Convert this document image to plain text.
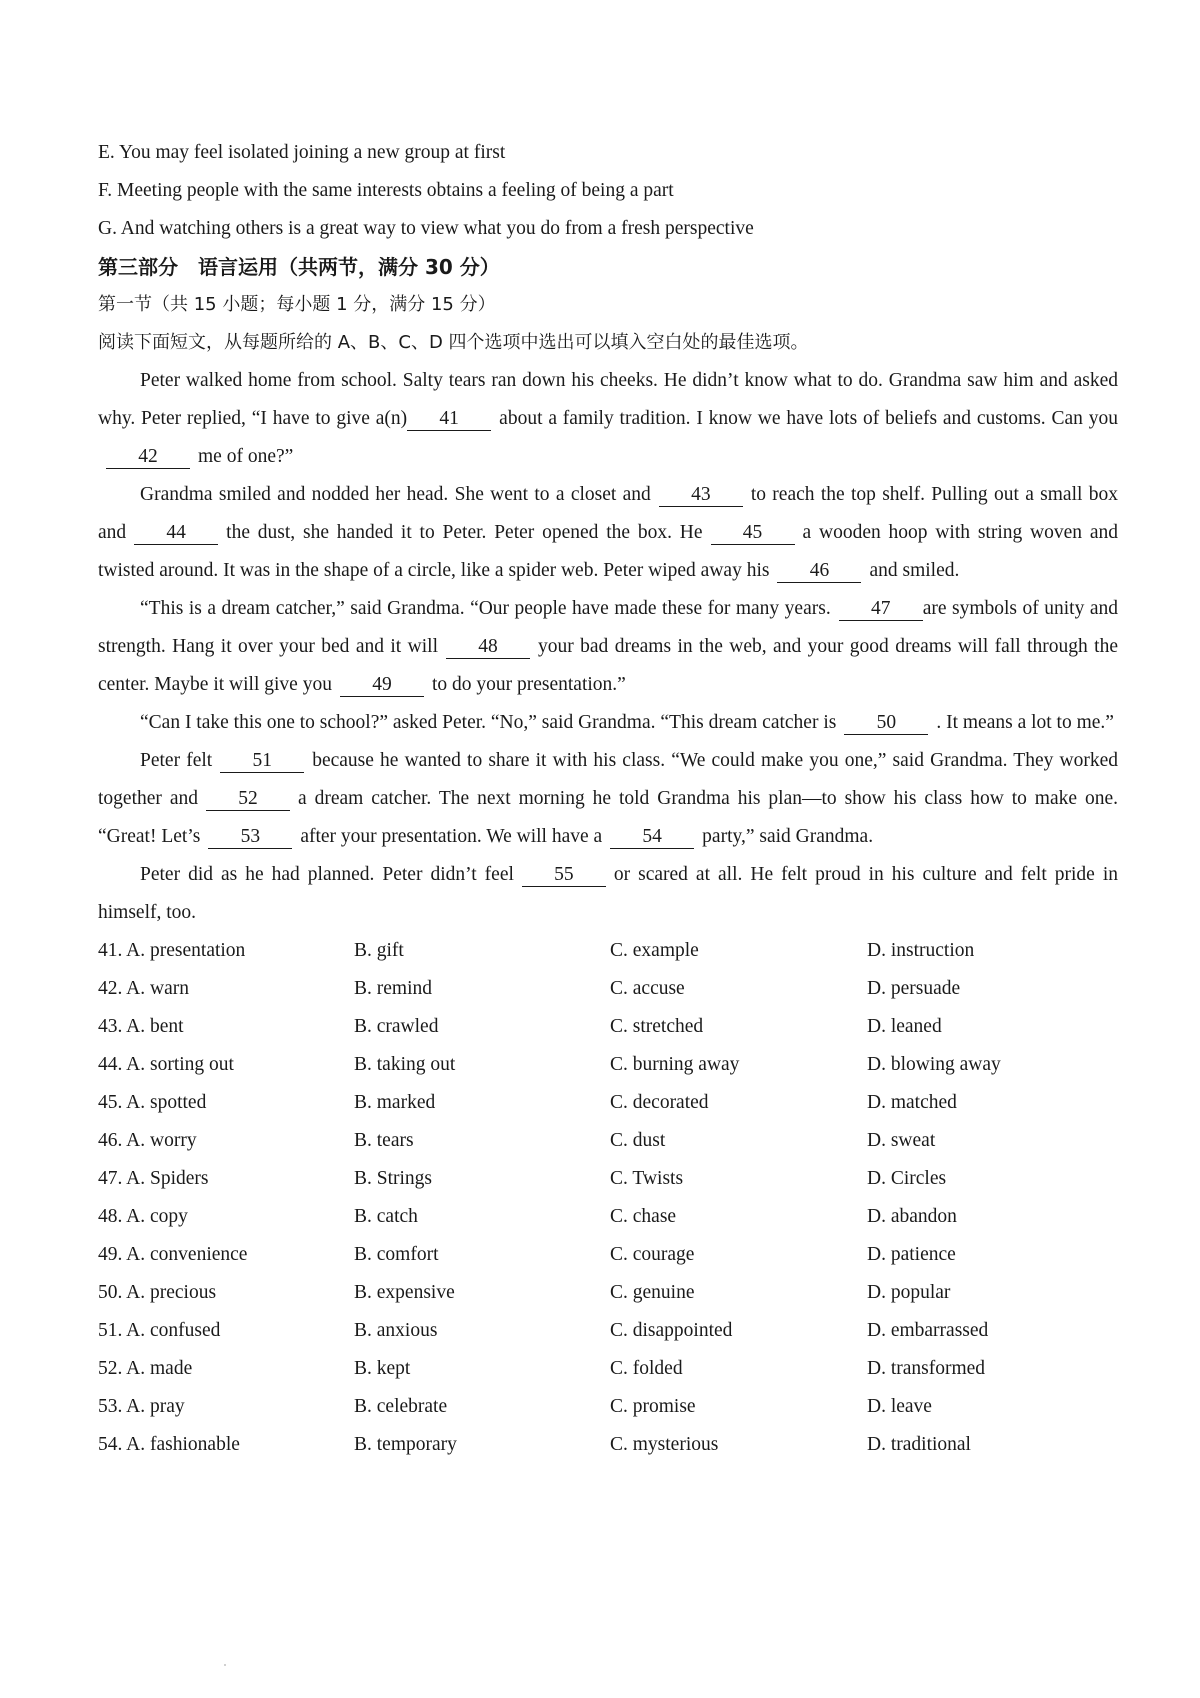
E. You may feel isolated joining a new group at first
F. Meeting people with the same interests obtains a feeling of being a part
G. And watching others is a great way to view what you do from a fresh perspective
第三部分　语言运用（共两节，满分 30 分）
第一节（共 15 小题；每小题 1 分，满分 15 分）
阅读下面短文，从每题所给的 A、B、C、D 四个选项中选出可以填入空白处的最佳选项。

Peter walked home from school. Salty tears ran down his cheeks. He didn’t know what to do. Grandma saw him and asked why. Peter replied, “I have to give a(n) 41 about a family tradition. I know we have lots of beliefs and customs. Can you42 me of one?”

Grandma smiled and nodded her head. She went to a closet and 43 to reach the top shelf. Pulling out a small box and 44 the dust, she handed it to Peter. Peter opened the box. He 45 a wooden hoop with string woven and twisted around. It was in the shape of a circle, like a spider web. Peter wiped away his 46 and smiled.

“This is a dream catcher,” said Grandma. “Our people have made these for many years. 47 are symbols of unity and strength. Hang it over your bed and it will 48 your bad dreams in the web, and your good dreams will fall through the center. Maybe it will give you 49 to do your presentation.”

“Can I take this one to school?” asked Peter. “No,” said Grandma. “This dream catcher is 50 . It means a lot to me.”

Peter felt 51 because he wanted to share it with his class. “We could make you one,” said Grandma. They worked together and 52 a dream catcher. The next morning he told Grandma his plan—to show his class how to make one. “Great! Let’s 53 after your presentation. We will have a 54 party,” said Grandma.

Peter did as he had planned. Peter didn’t feel 55 or scared at all. He felt proud in his culture and felt pride in himself, too.

41. A. presentation	B. gift	C. example	D. instruction
42. A. warn	B. remind	C. accuse	D. persuade
43. A. bent	B. crawled	C. stretched	D. leaned
44. A. sorting out	B. taking out	C. burning away	D. blowing away
45. A. spotted	B. marked	C. decorated	D. matched
46. A. worry	B. tears	C. dust	D. sweat
47. A. Spiders	B. Strings	C. Twists	D. Circles
48. A. copy	B. catch	C. chase	D. abandon
49. A. convenience	B. comfort	C. courage	D. patience
50. A. precious	B. expensive	C. genuine	D. popular
51. A. confused	B. anxious	C. disappointed	D. embarrassed
52. A. made	B. kept	C. folded	D. transformed
53. A. pray	B. celebrate	C. promise	D. leave
54. A. fashionable	B. temporary	C. mysterious	D. traditional
